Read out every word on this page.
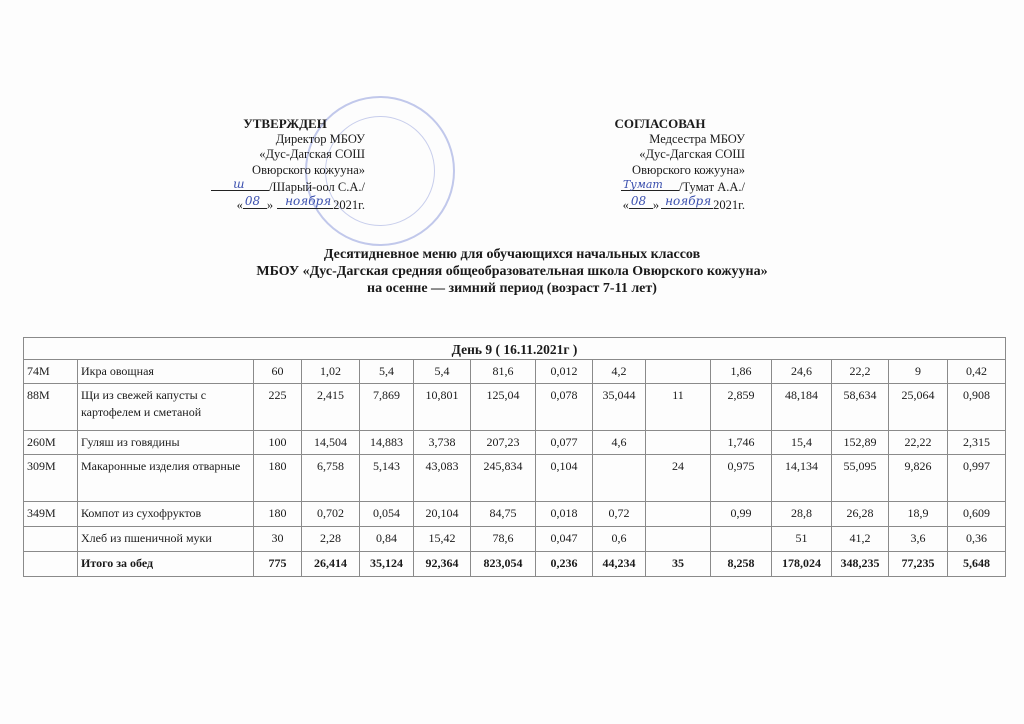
УТВЕРЖДЕН
Директор МБОУ
«Дус-Дагская СОШ
Овюрского кожууна»
ш /Шарый-оол С.А./
« 08 » ноября 2021г.
СОГЛАСОВАН
Медсестра МБОУ
«Дус-Дагская СОШ
Овюрского кожууна»
Тумат /Тумат А.А./
« 08 » ноября 2021г.
Десятидневное меню для обучающихся начальных классов
МБОУ «Дус-Дагская средняя общеобразовательная школа Овюрского кожууна»
на осенне — зимний период (возраст 7-11 лет)
День 9 ( 16.11.2021г )														
74М	Икра овощная	60	1,02	5,4	5,4	81,6	0,012	4,2		1,86	24,6	22,2	9	0,42
88М	Щи из свежей капусты с картофелем и сметаной	225	2,415	7,869	10,801	125,04	0,078	35,044	11	2,859	48,184	58,634	25,064	0,908
260М	Гуляш из говядины	100	14,504	14,883	3,738	207,23	0,077	4,6		1,746	15,4	152,89	22,22	2,315
309М	Макаронные изделия отварные	180	6,758	5,143	43,083	245,834	0,104		24	0,975	14,134	55,095	9,826	0,997
349М	Компот из сухофруктов	180	0,702	0,054	20,104	84,75	0,018	0,72		0,99	28,8	26,28	18,9	0,609
	Хлеб из пшеничной муки	30	2,28	0,84	15,42	78,6	0,047	0,6			51	41,2	3,6	0,36
	Итого за обед	775	26,414	35,124	92,364	823,054	0,236	44,234	35	8,258	178,024	348,235	77,235	5,648
